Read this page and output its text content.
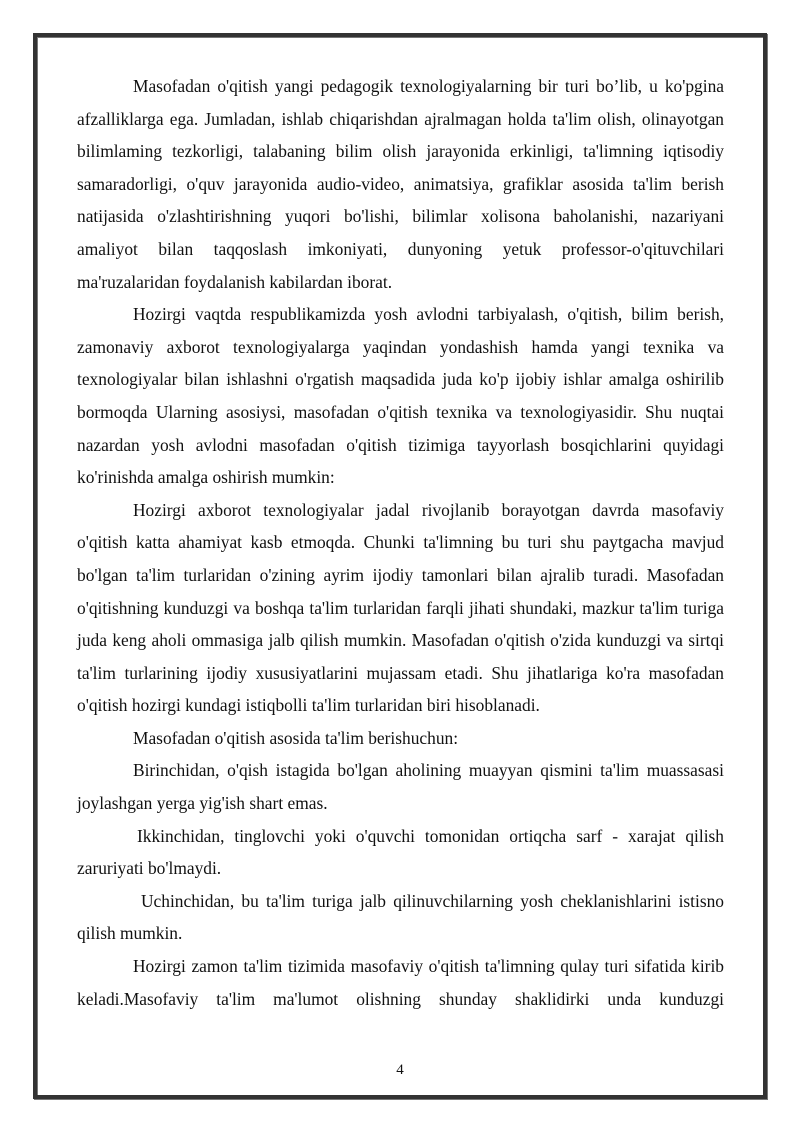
Masofadan o'qitish yangi pedagogik texnologiyalarning bir turi bo’lib, u ko'pgina afzalliklarga ega. Jumladan, ishlab chiqarishdan ajralmagan holda ta'lim olish, olinayotgan bilimlaming tezkorligi, talabaning bilim olish jarayonida erkinligi, ta'limning iqtisodiy samaradorligi, o'quv jarayonida audio-video, animatsiya, grafiklar asosida ta'lim berish natijasida o'zlashtirishning yuqori bo'lishi, bilimlar xolisona baholanishi, nazariyani amaliyot bilan taqqoslash imkoniyati, dunyoning yetuk professor-o'qituvchilari ma'ruzalaridan foydalanish kabilardan iborat.

Hozirgi vaqtda respublikamizda yosh avlodni tarbiyalash, o'qitish, bilim berish, zamonaviy axborot texnologiyalarga yaqindan yondashish hamda yangi texnika va texnologiyalar bilan ishlashni o'rgatish maqsadida juda ko'p ijobiy ishlar amalga oshirilib bormoqda Ularning asosiysi, masofadan o'qitish texnika va texnologiyasidir. Shu nuqtai nazardan yosh avlodni masofadan o'qitish tizimiga tayyorlash bosqichlarini quyidagi ko'rinishda amalga oshirish mumkin:

Hozirgi axborot texnologiyalar jadal rivojlanib borayotgan davrda masofaviy o'qitish katta ahamiyat kasb etmoqda. Chunki ta'limning bu turi shu paytgacha mavjud bo'lgan ta'lim turlaridan o'zining ayrim ijodiy tamonlari bilan ajralib turadi. Masofadan o'qitishning kunduzgi va boshqa ta'lim turlaridan farqli jihati shundaki, mazkur ta'lim turiga juda keng aholi ommasiga jalb qilish mumkin. Masofadan o'qitish o'zida kunduzgi va sirtqi ta'lim turlarining ijodiy xususiyatlarini mujassam etadi. Shu jihatlariga ko'ra masofadan o'qitish hozirgi kundagi istiqbolli ta'lim turlaridan biri hisoblanadi.

Masofadan o'qitish asosida ta'lim berishuchun:

Birinchidan, o'qish istagida bo'lgan aholining muayyan qismini ta'lim muassasasi joylashgan yerga yig'ish shart emas.

Ikkinchidan, tinglovchi yoki o'quvchi tomonidan ortiqcha sarf - xarajat qilish zaruriyati bo'lmaydi.

Uchinchidan, bu ta'lim turiga jalb qilinuvchilarning yosh cheklanishlarini istisno qilish mumkin.

Hozirgi zamon ta'lim tizimida masofaviy o'qitish ta'limning qulay turi sifatida kirib keladi.Masofaviy ta'lim ma'lumot olishning shunday shaklidirki unda kunduzgi

4
